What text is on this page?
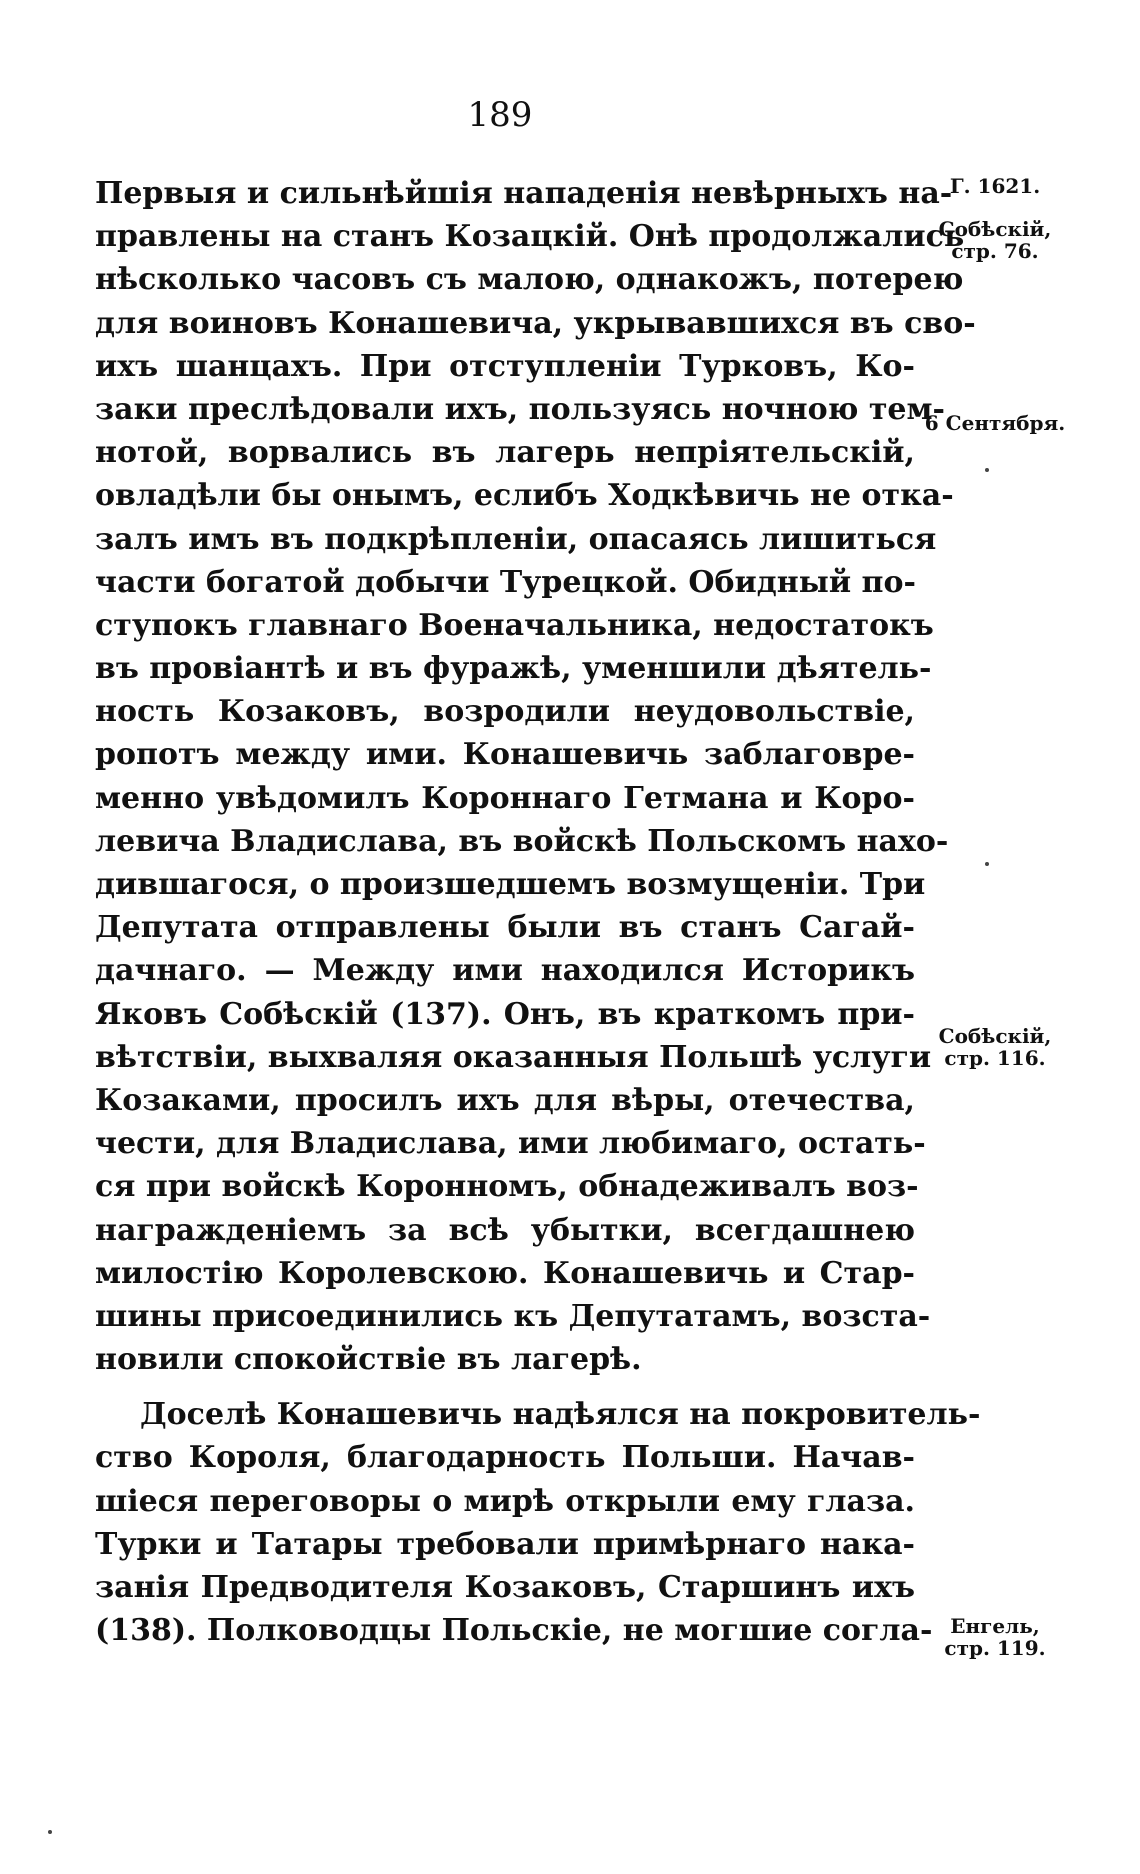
189
Первыя и сильнѣйшія нападенія невѣрныхъ на-
правлены на станъ Козацкій. Онѣ продолжались
нѣсколько часовъ съ малою, однакожъ, потерею
для воиновъ Конашевича, укрывавшихся въ сво-
ихъ шанцахъ. При отступленіи Турковъ, Ко-
заки преслѣдовали ихъ, пользуясь ночною тем-
нотой, ворвались въ лагерь непріятельскій,
овладѣли бы онымъ, еслибъ Ходкѣвичь не отка-
залъ имъ въ подкрѣпленіи, опасаясь лишиться
части богатой добычи Турецкой. Обидный по-
ступокъ главнаго Военачальника, недостатокъ
въ провіантѣ и въ фуражѣ, уменшили дѣятель-
ность Козаковъ, возродили неудовольствіе,
ропотъ между ими. Конашевичь заблаговре-
менно увѣдомилъ Короннаго Гетмана и Коро-
левича Владислава, въ войскѣ Польскомъ нахо-
дившагося, о произшедшемъ возмущеніи. Три
Депутата отправлены были въ станъ Сагай-
дачнаго. — Между ими находился Историкъ
Яковъ Собѣскій (137). Онъ, въ краткомъ при-
вѣтствіи, выхваляя оказанныя Польшѣ услуги
Козаками, просилъ ихъ для вѣры, отечества,
чести, для Владислава, ими любимаго, остать-
ся при войскѣ Коронномъ, обнадеживалъ воз-
награжденіемъ за всѣ убытки, всегдашнею
милостію Королевскою. Конашевичь и Стар-
шины присоединились къ Депутатамъ, возста-
новили спокойствіе въ лагерѣ.
Доселѣ Конашевичь надѣялся на покровитель-
ство Короля, благодарность Польши. Начав-
шіеся переговоры о мирѣ открыли ему глаза.
Турки и Татары требовали примѣрнаго нака-
занія Предводителя Козаковъ, Старшинъ ихъ
(138). Полководцы Польскіе, не могшие согла-
Г. 1621.
Собѣскій,
стр. 76.
6 Сентября.
Собѣскій,
стр. 116.
Енгель,
стр. 119.
